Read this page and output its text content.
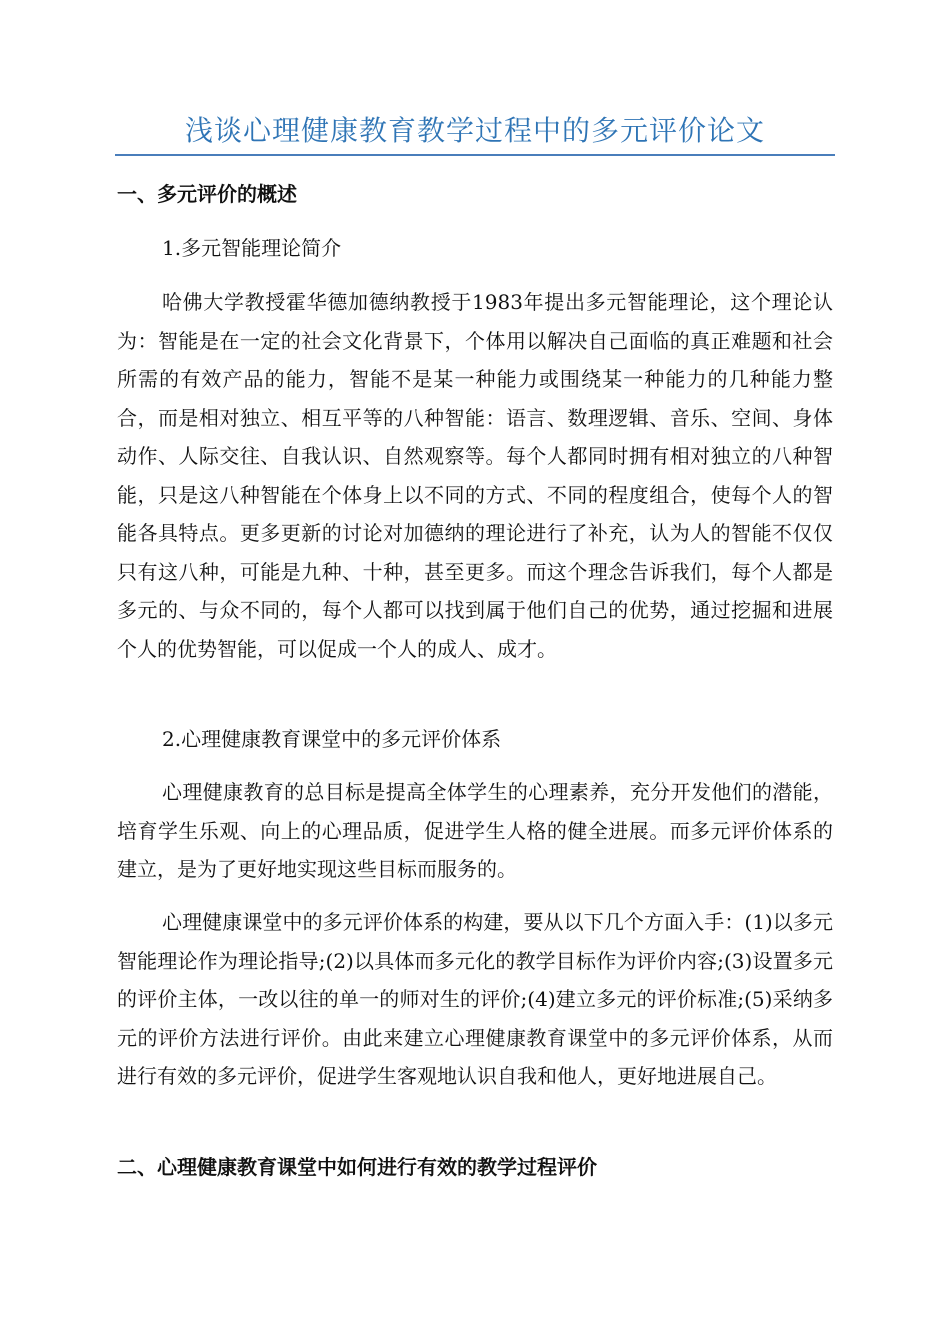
浅谈心理健康教育教学过程中的多元评价论文
一、多元评价的概述
1.多元智能理论简介

哈佛大学教授霍华德加德纳教授于1983年提出多元智能理论，这个理论认为：智能是在一定的社会文化背景下，个体用以解决自己面临的真正难题和社会所需的有效产品的能力，智能不是某一种能力或围绕某一种能力的几种能力整合，而是相对独立、相互平等的八种智能：语言、数理逻辑、音乐、空间、身体动作、人际交往、自我认识、自然观察等。每个人都同时拥有相对独立的八种智能，只是这八种智能在个体身上以不同的方式、不同的程度组合，使每个人的智能各具特点。更多更新的讨论对加德纳的理论进行了补充，认为人的智能不仅仅只有这八种，可能是九种、十种，甚至更多。而这个理念告诉我们，每个人都是多元的、与众不同的，每个人都可以找到属于他们自己的优势，通过挖掘和进展个人的优势智能，可以促成一个人的成人、成才。

2.心理健康教育课堂中的多元评价体系

心理健康教育的总目标是提高全体学生的心理素养，充分开发他们的潜能，培育学生乐观、向上的心理品质，促进学生人格的健全进展。而多元评价体系的建立，是为了更好地实现这些目标而服务的。

心理健康课堂中的多元评价体系的构建，要从以下几个方面入手：(1)以多元智能理论作为理论指导;(2)以具体而多元化的教学目标作为评价内容;(3)设置多元的评价主体，一改以往的单一的师对生的评价;(4)建立多元的评价标准;(5)采纳多元的评价方法进行评价。由此来建立心理健康教育课堂中的多元评价体系，从而进行有效的多元评价，促进学生客观地认识自我和他人，更好地进展自己。

二、心理健康教育课堂中如何进行有效的教学过程评价
